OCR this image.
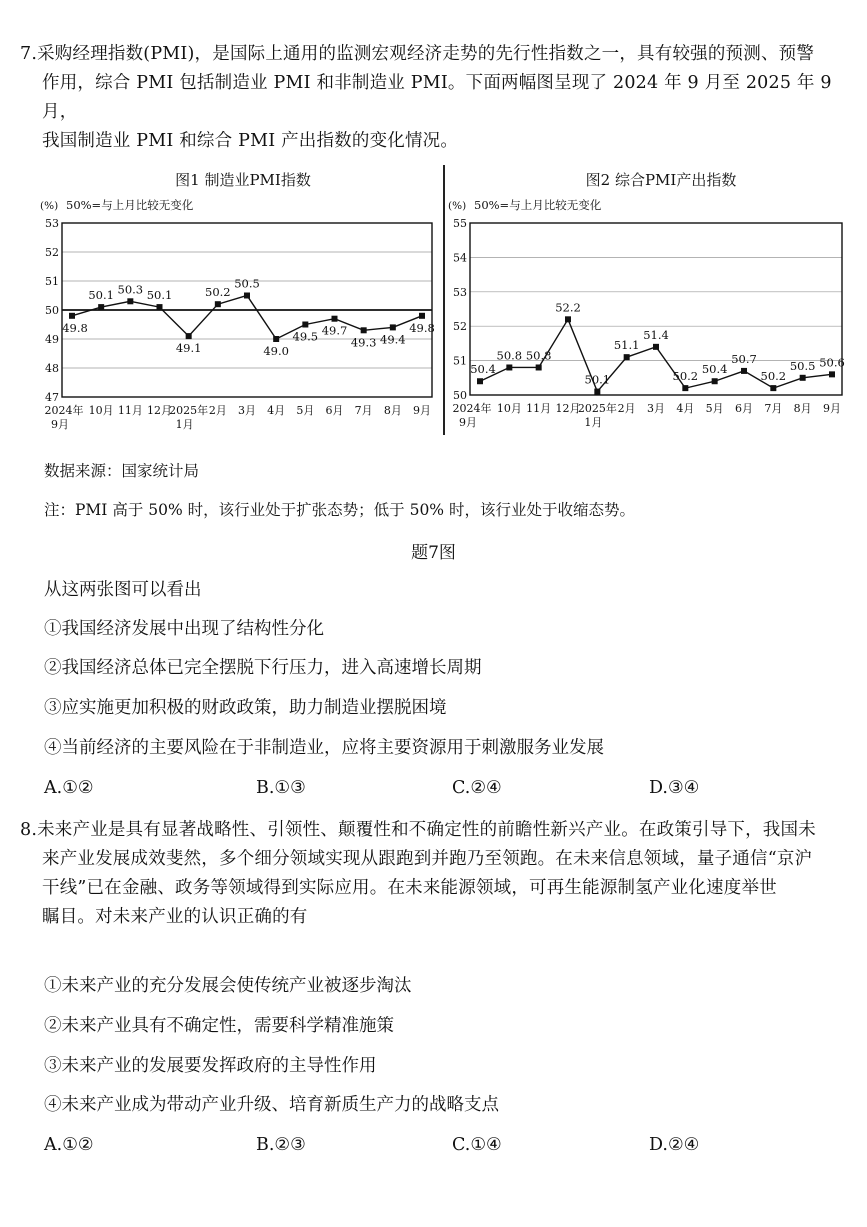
7.采购经理指数(PMI)，是国际上通用的监测宏观经济走势的先行性指数之一，具有较强的预测、预警
作用，综合 PMI 包括制造业 PMI 和非制造业 PMI。下面两幅图呈现了 2024 年 9 月至 2025 年 9 月，
我国制造业 PMI 和综合 PMI 产出指数的变化情况。
图1 制造业PMI指数
(%) 50%=与上月比较无变化
47
48
49
50
51
52
53
49.8
50.1 50.3 50.1
49.1
50.2
50.5
49.0
49.5 49.7
49.3 49.4
49.8
2024年
9月
10月 11月 12月
2025年
1月
2月 3月 4月 5月 6月 7月 8月 9月
图2 综合PMI产出指数
(%) 50%=与上月比较无变化
50
51
52
53
54
55
50.4
50.8 50.8
52.2
50.1
51.1
51.4
50.2 50.4
50.7
50.2
50.5 50.6
2024年
9月
10月 11月 12月
2025年
1月
2月 3月 4月 5月 6月 7月 8月 9月
数据来源：国家统计局
注：PMI 高于 50% 时，该行业处于扩张态势；低于 50% 时，该行业处于收缩态势。
题7图
从这两张图可以看出
①我国经济发展中出现了结构性分化
②我国经济总体已完全摆脱下行压力，进入高速增长周期
③应实施更加积极的财政政策，助力制造业摆脱困境
④当前经济的主要风险在于非制造业，应将主要资源用于刺激服务业发展
A.①②	B.①③	C.②④	D.③④
8.未来产业是具有显著战略性、引领性、颠覆性和不确定性的前瞻性新兴产业。在政策引导下，我国未
来产业发展成效斐然，多个细分领域实现从跟跑到并跑乃至领跑。在未来信息领域，量子通信“京沪
干线”已在金融、政务等领域得到实际应用。在未来能源领域，可再生能源制氢产业化速度举世
瞩目。对未来产业的认识正确的有
①未来产业的充分发展会使传统产业被逐步淘汰
②未来产业具有不确定性，需要科学精准施策
③未来产业的发展要发挥政府的主导性作用
④未来产业成为带动产业升级、培育新质生产力的战略支点
A.①②	B.②③	C.①④	D.②④
